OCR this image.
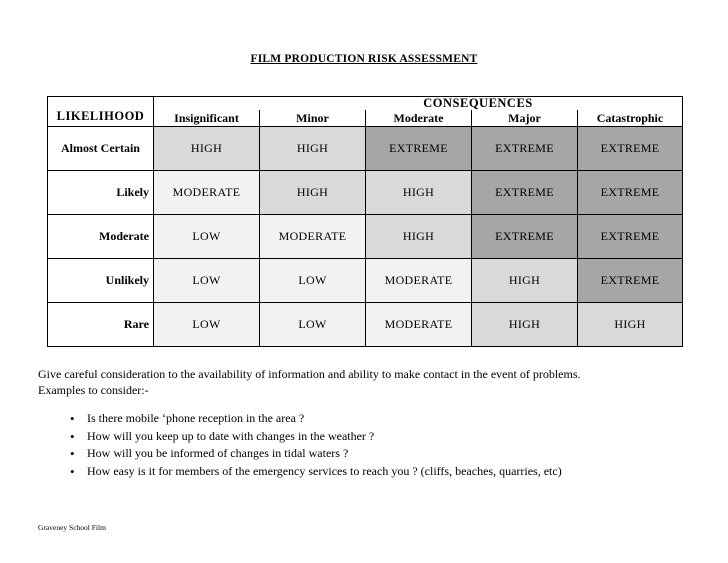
FILM PRODUCTION RISK ASSESSMENT
LIKELIHOOD	CONSEQUENCES				
	Insignificant	Minor	Moderate	Major	Catastrophic
Almost Certain	HIGH	HIGH	EXTREME	EXTREME	EXTREME
Likely	MODERATE	HIGH	HIGH	EXTREME	EXTREME
Moderate	LOW	MODERATE	HIGH	EXTREME	EXTREME
Unlikely	LOW	LOW	MODERATE	HIGH	EXTREME
Rare	LOW	LOW	MODERATE	HIGH	HIGH
Give careful consideration to the availability of information and ability to make contact in the event of problems.
Examples to consider:-
• Is there mobile ‘phone reception in the area ?
• How will you keep up to date with changes in the weather ?
• How will you be informed of changes in tidal waters ?
• How easy is it for members of the emergency services to reach you ? (cliffs, beaches, quarries, etc)
Graveney School Film
